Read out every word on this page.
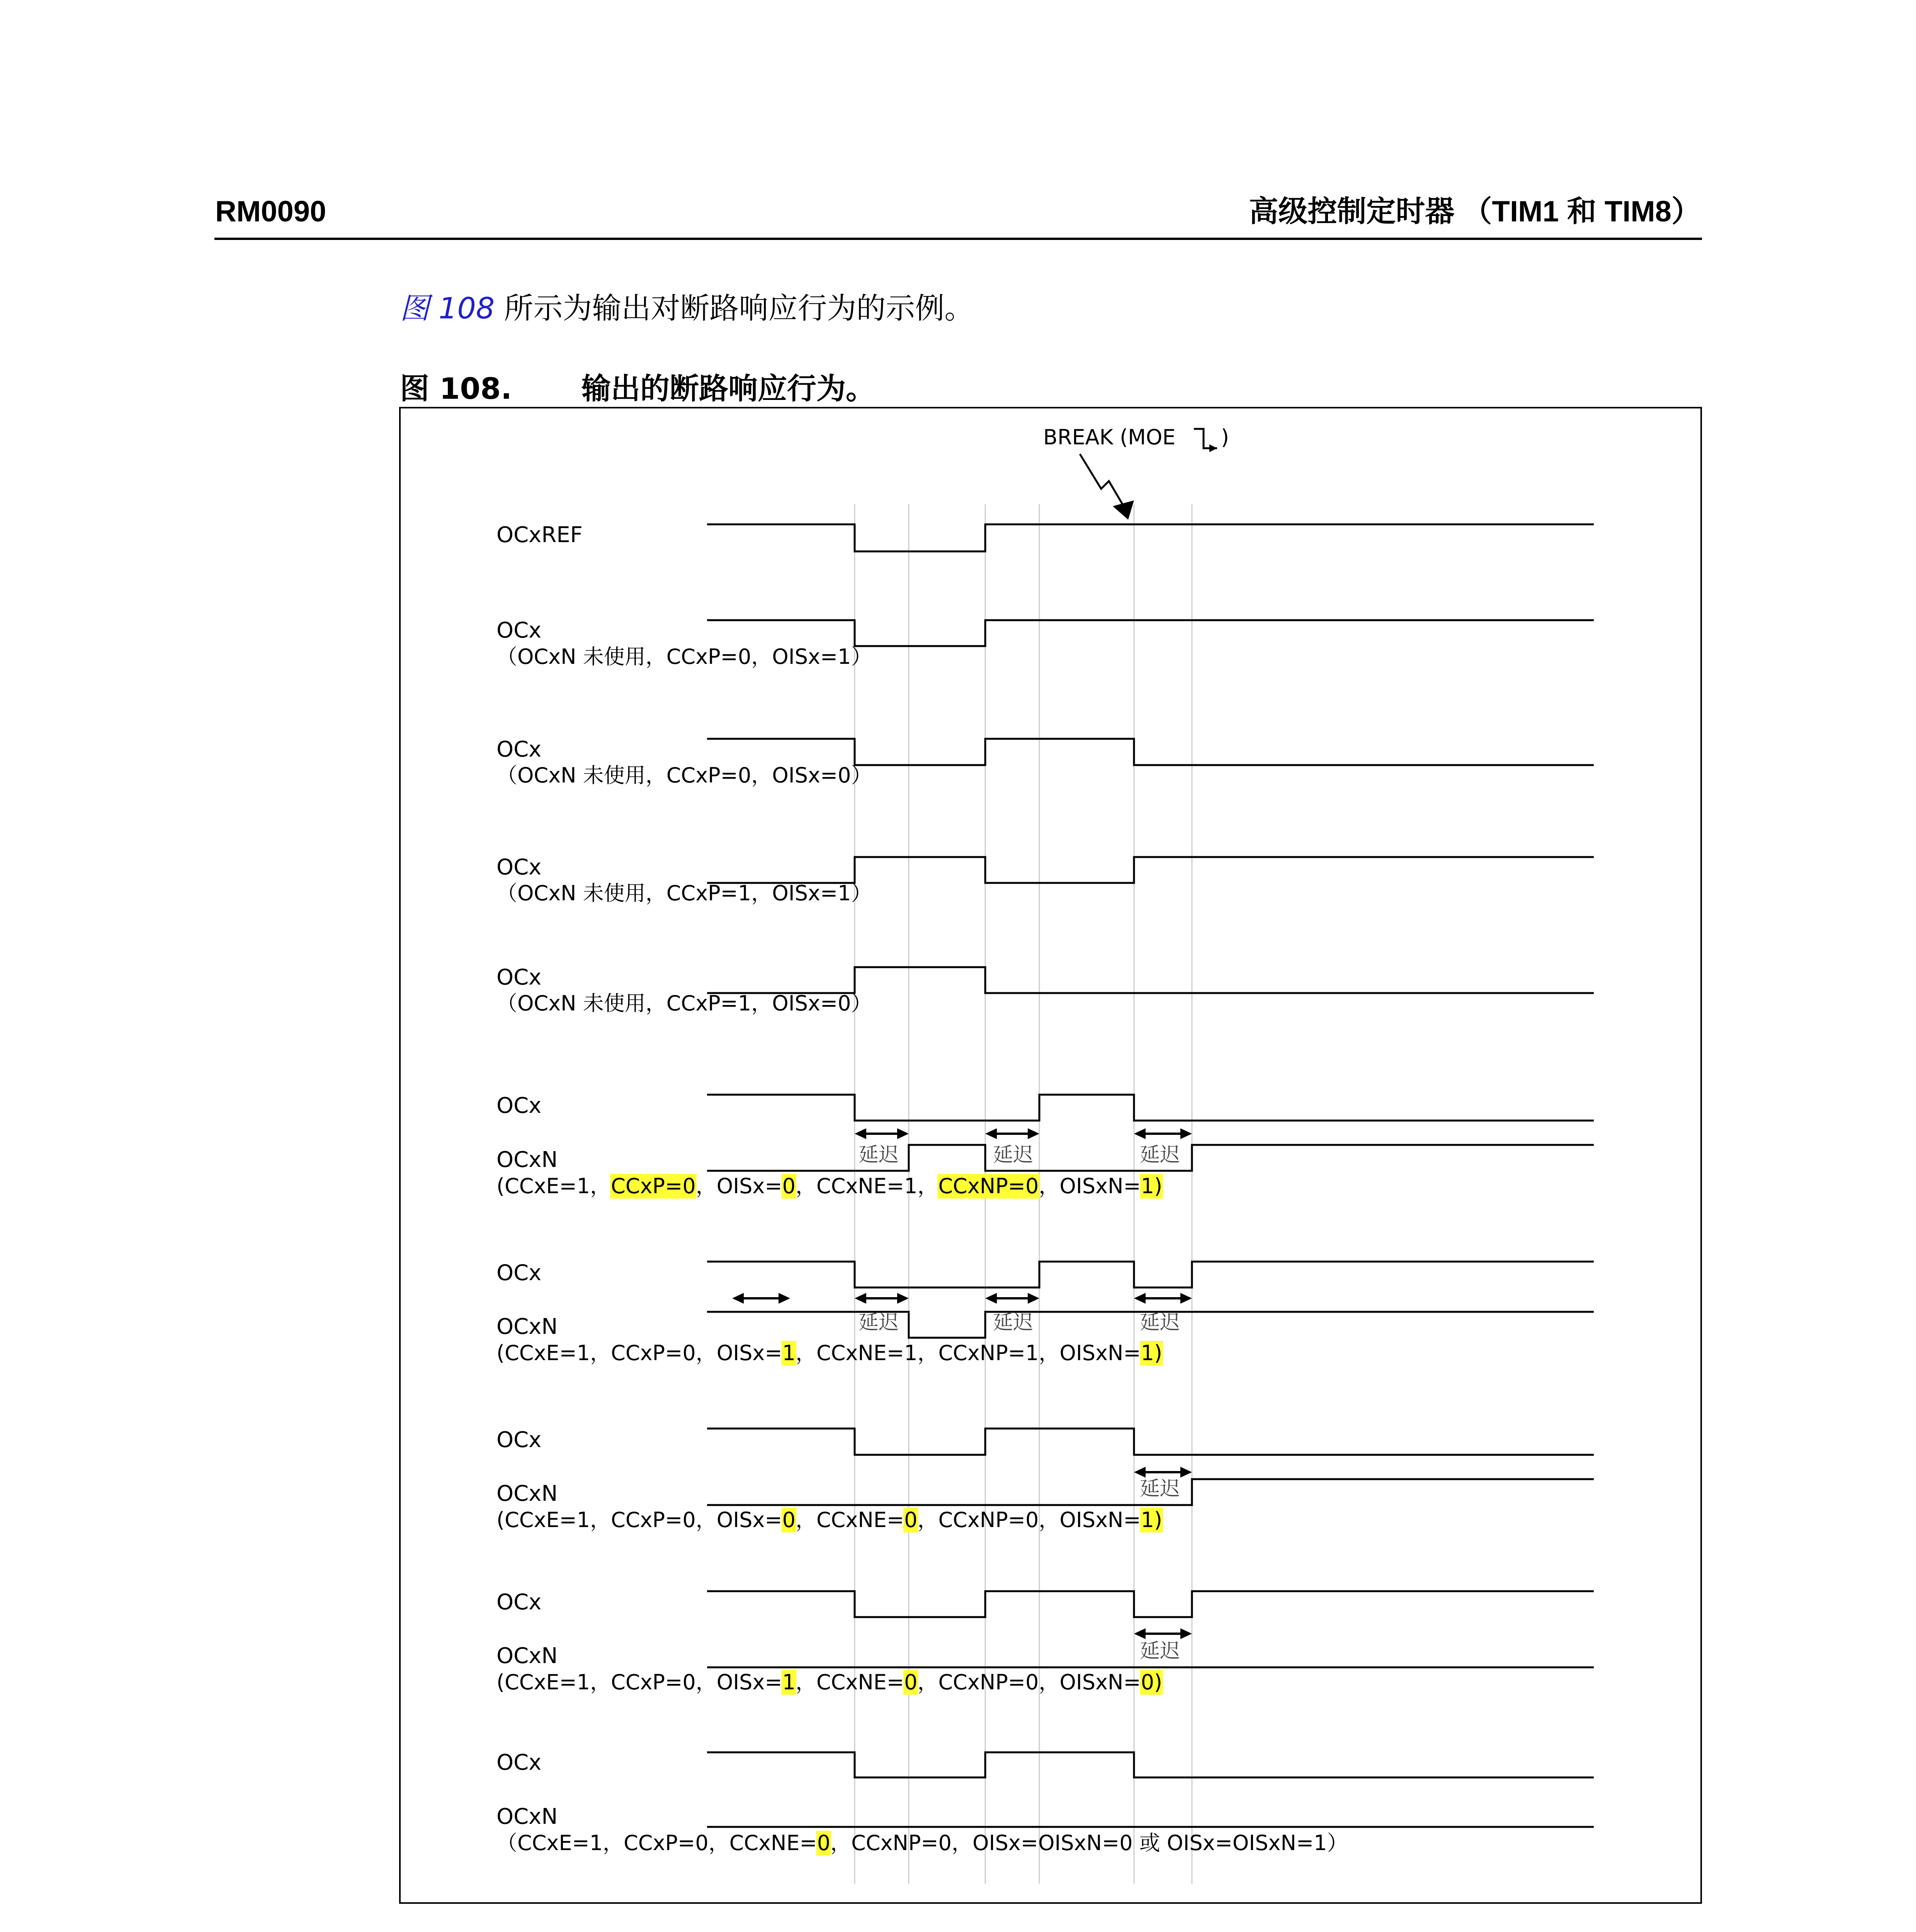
RM0090	高级控制定时器 （TIM1 和 TIM8）
图 108 所示为输出对断路响应行为的示例。
图 108. 输出的断路响应行为。
延迟	延迟	延迟
延迟	延迟	延迟
延迟
延迟
BREAK (MOE )
OCxREF
OCx
（OCxN 未使用，CCxP=0，OISx=1）
OCx
（OCxN 未使用，CCxP=0，OISx=0）
OCx
（OCxN 未使用，CCxP=1，OISx=1）
OCx
（OCxN 未使用，CCxP=1，OISx=0）
OCx
OCxN
(CCxE=1，CCxP=0，OISx=0，CCxNE=1，CCxNP=0，OISxN=1)
OCx
OCxN
(CCxE=1，CCxP=0，OISx=1，CCxNE=1，CCxNP=1，OISxN=1)
OCx
OCxN
(CCxE=1，CCxP=0，OISx=0，CCxNE=0，CCxNP=0，OISxN=1)
OCx
OCxN
(CCxE=1，CCxP=0，OISx=1，CCxNE=0，CCxNP=0，OISxN=0)
OCx
OCxN
（CCxE=1，CCxP=0，CCxNE=0，CCxNP=0，OISx=OISxN=0 或 OISx=OISxN=1）
